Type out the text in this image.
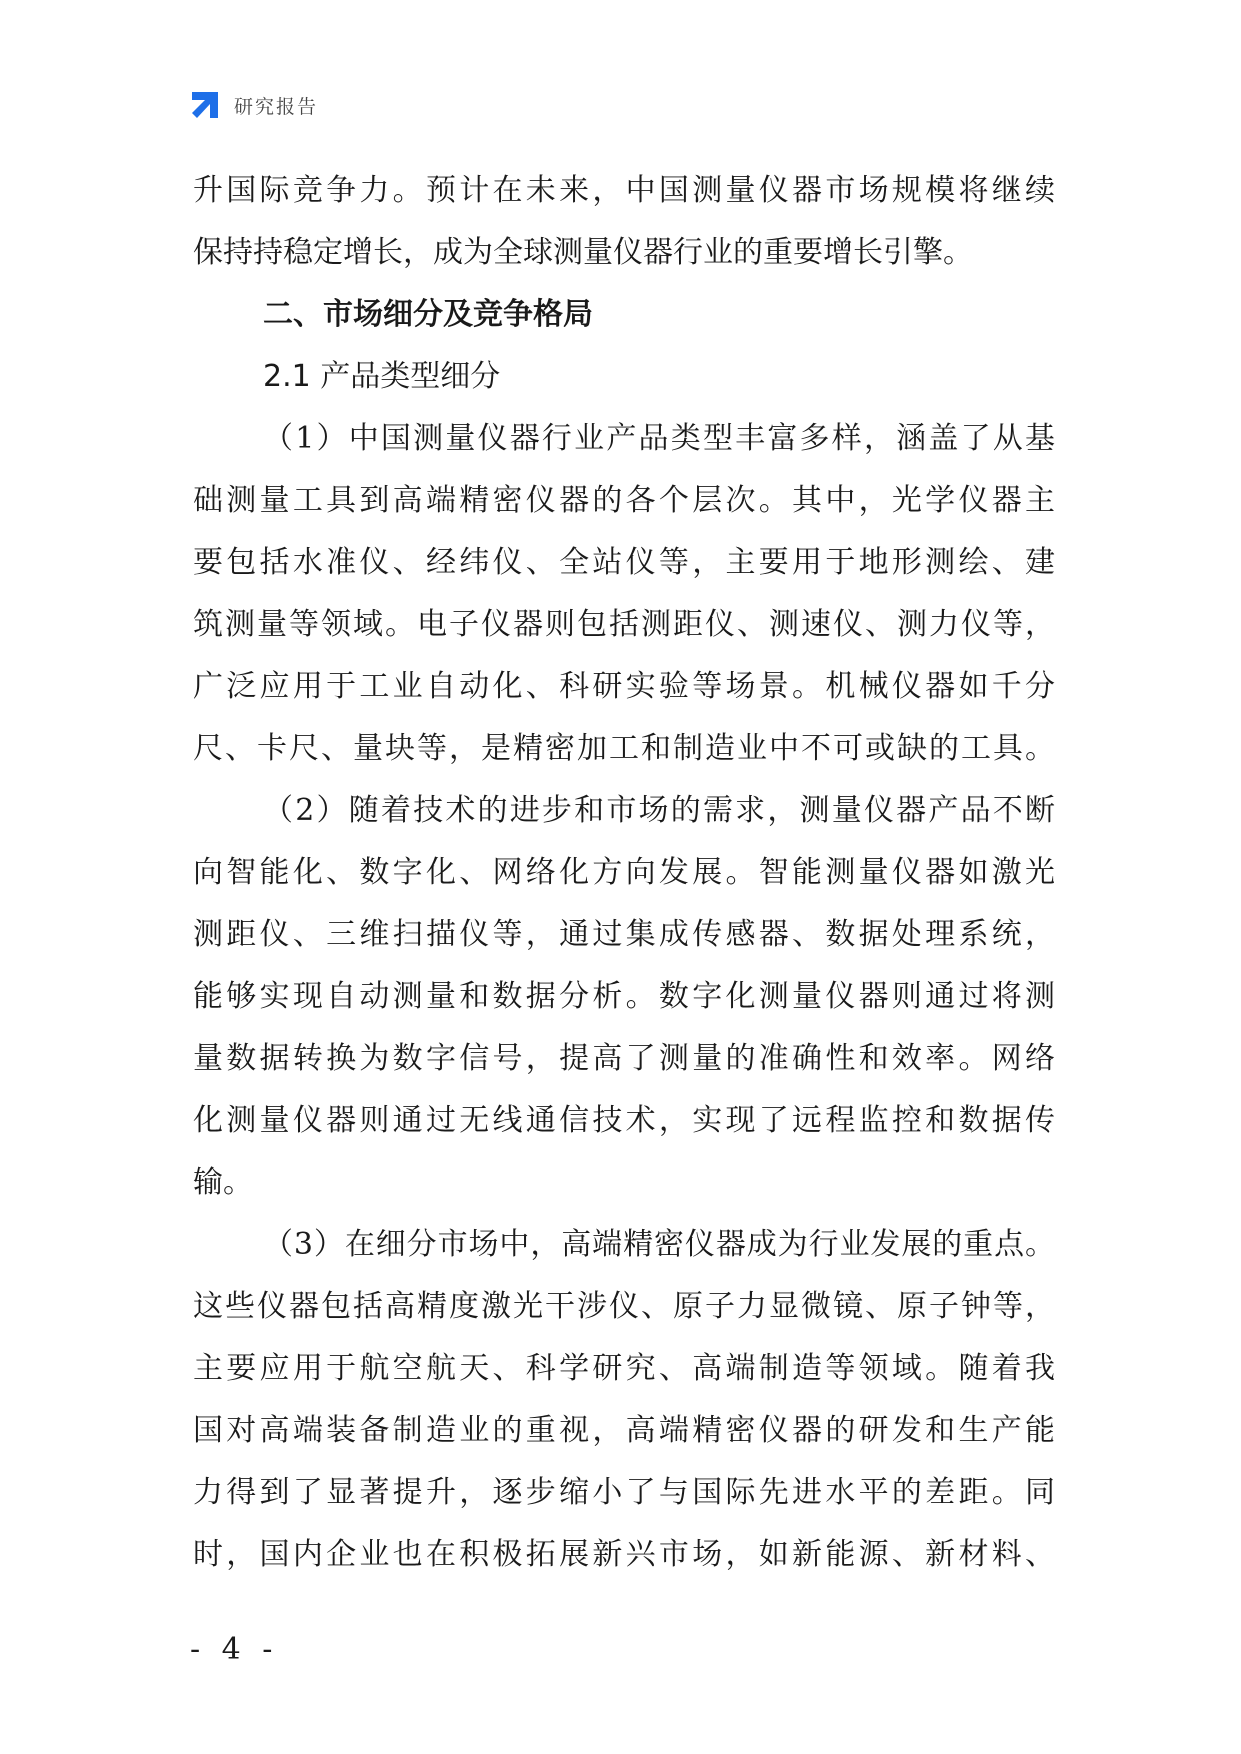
研究报告
升国际竞争力。预计在未来，中国测量仪器市场规模将继续
保持持稳定增长，成为全球测量仪器行业的重要增长引擎。
二、市场细分及竞争格局
2.1 产品类型细分
（1）中国测量仪器行业产品类型丰富多样，涵盖了从基
础测量工具到高端精密仪器的各个层次。其中，光学仪器主
要包括水准仪、经纬仪、全站仪等，主要用于地形测绘、建
筑测量等领域。电子仪器则包括测距仪、测速仪、测力仪等，
广泛应用于工业自动化、科研实验等场景。机械仪器如千分
尺、卡尺、量块等，是精密加工和制造业中不可或缺的工具。
（2）随着技术的进步和市场的需求，测量仪器产品不断
向智能化、数字化、网络化方向发展。智能测量仪器如激光
测距仪、三维扫描仪等，通过集成传感器、数据处理系统，
能够实现自动测量和数据分析。数字化测量仪器则通过将测
量数据转换为数字信号，提高了测量的准确性和效率。网络
化测量仪器则通过无线通信技术，实现了远程监控和数据传
输。
（3）在细分市场中，高端精密仪器成为行业发展的重点。
这些仪器包括高精度激光干涉仪、原子力显微镜、原子钟等，
主要应用于航空航天、科学研究、高端制造等领域。随着我
国对高端装备制造业的重视，高端精密仪器的研发和生产能
力得到了显著提升，逐步缩小了与国际先进水平的差距。同
时，国内企业也在积极拓展新兴市场，如新能源、新材料、
- 4 -
